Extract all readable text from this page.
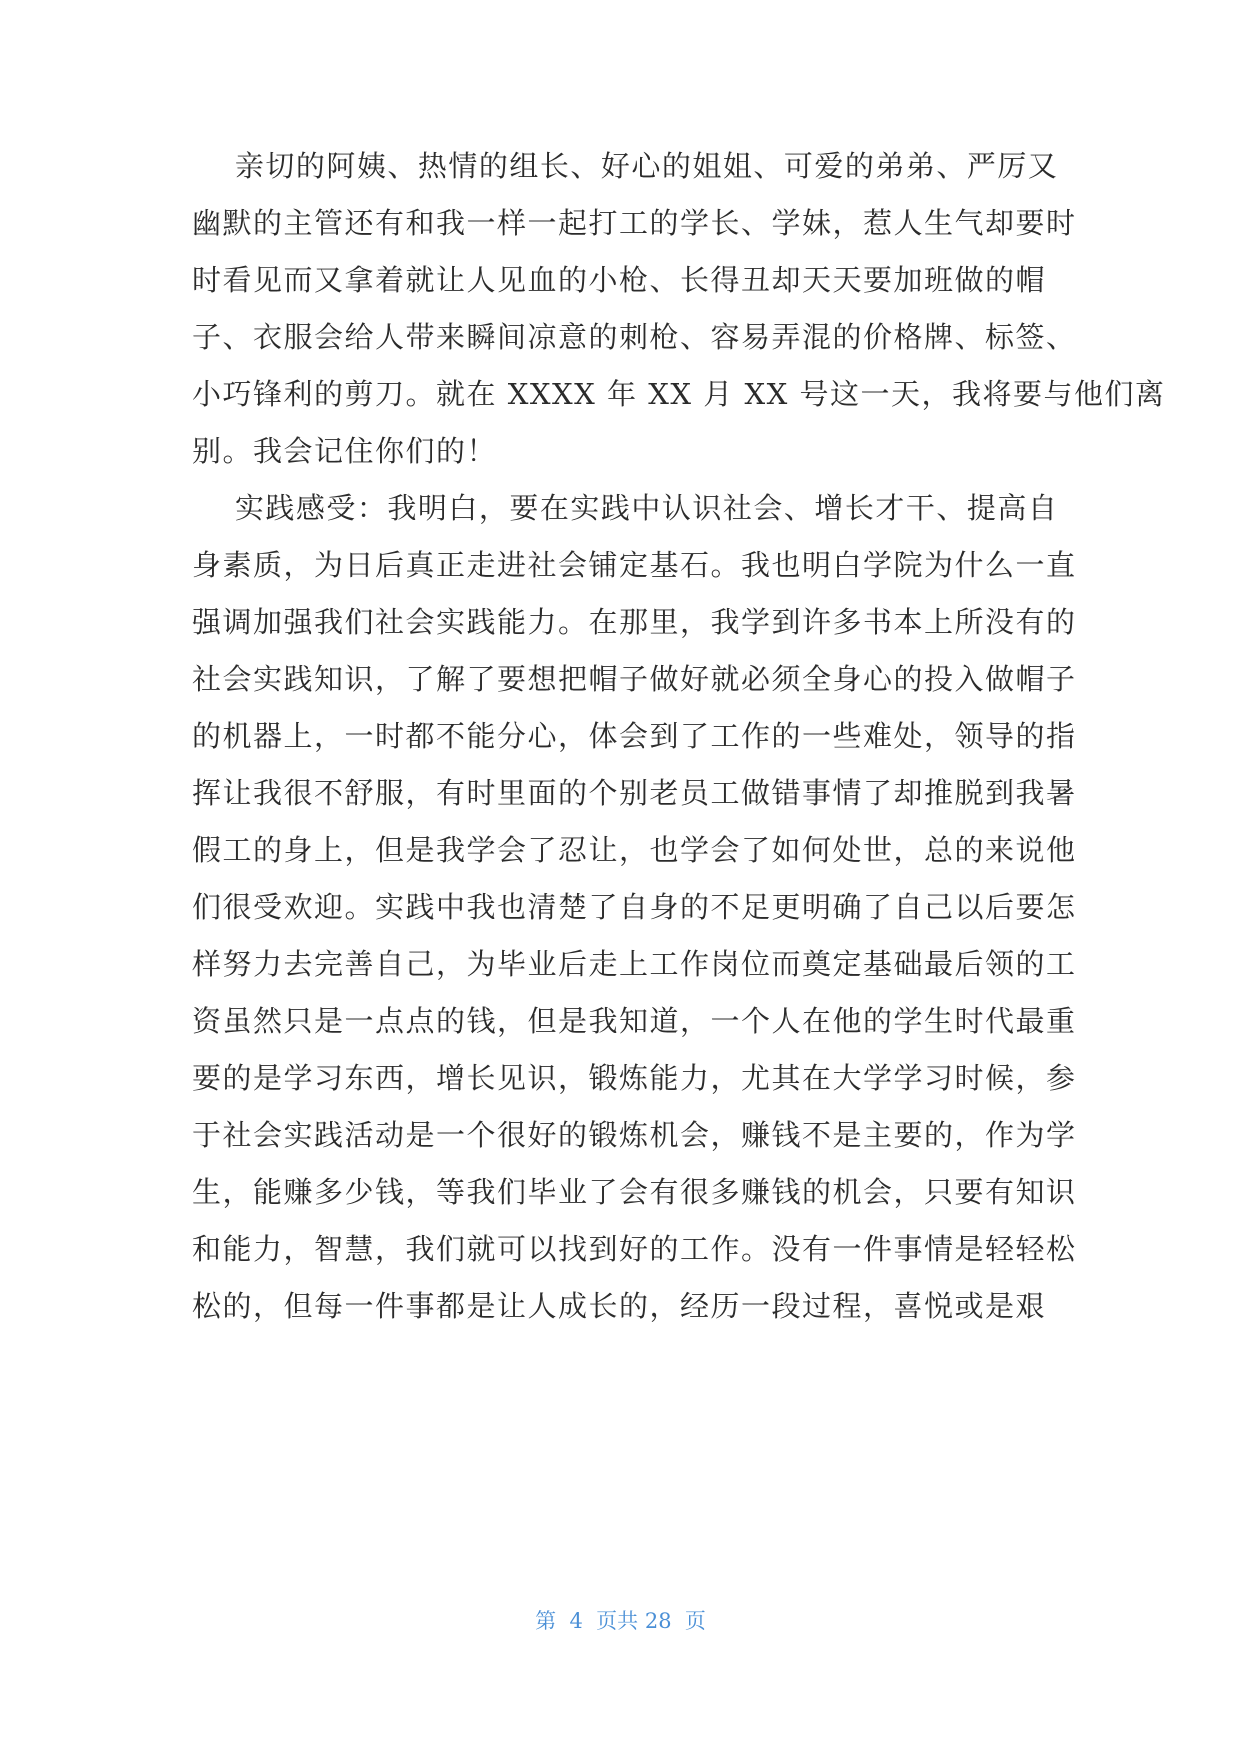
亲切的阿姨、热情的组长、好心的姐姐、可爱的弟弟、严厉又
幽默的主管还有和我一样一起打工的学长、学妹，惹人生气却要时
时看见而又拿着就让人见血的小枪、长得丑却天天要加班做的帽
子、衣服会给人带来瞬间凉意的刺枪、容易弄混的价格牌、标签、
小巧锋利的剪刀。就在 XXXX 年 XX 月 XX 号这一天，我将要与他们离
别。我会记住你们的！
实践感受：我明白，要在实践中认识社会、增长才干、提高自
身素质，为日后真正走进社会铺定基石。我也明白学院为什么一直
强调加强我们社会实践能力。在那里，我学到许多书本上所没有的
社会实践知识，了解了要想把帽子做好就必须全身心的投入做帽子
的机器上，一时都不能分心，体会到了工作的一些难处，领导的指
挥让我很不舒服，有时里面的个别老员工做错事情了却推脱到我暑
假工的身上，但是我学会了忍让，也学会了如何处世，总的来说他
们很受欢迎。实践中我也清楚了自身的不足更明确了自己以后要怎
样努力去完善自己，为毕业后走上工作岗位而奠定基础最后领的工
资虽然只是一点点的钱，但是我知道，一个人在他的学生时代最重
要的是学习东西，增长见识，锻炼能力，尤其在大学学习时候，参
于社会实践活动是一个很好的锻炼机会，赚钱不是主要的，作为学
生，能赚多少钱，等我们毕业了会有很多赚钱的机会，只要有知识
和能力，智慧，我们就可以找到好的工作。没有一件事情是轻轻松
松的，但每一件事都是让人成长的，经历一段过程，喜悦或是艰
第  4  页共 28  页
